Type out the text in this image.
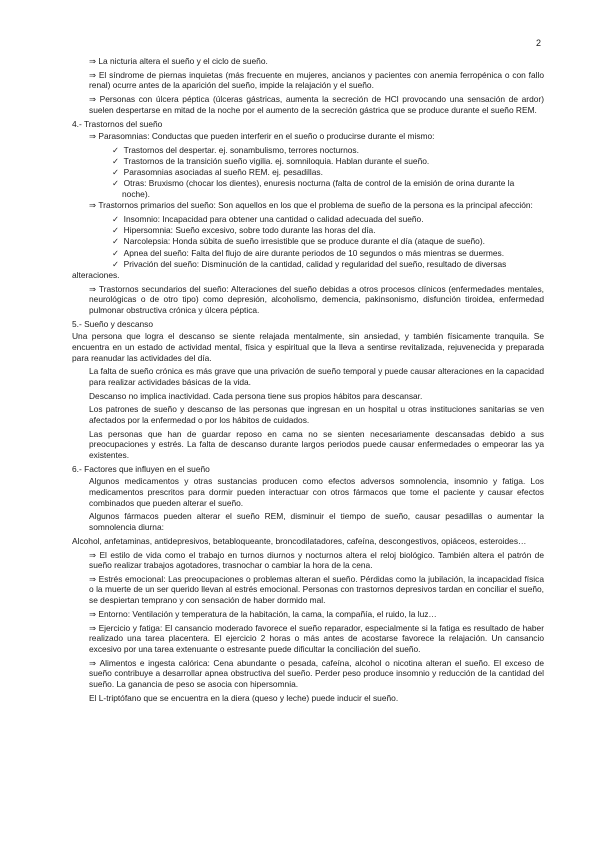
2

⇒ La nicturia altera el sueño y el ciclo de sueño.

⇒ El síndrome de piernas inquietas (más frecuente en mujeres, ancianos y pacientes con anemia ferropénica o con fallo renal) ocurre antes de la aparición del sueño, impide la relajación y el sueño.

⇒ Personas con úlcera péptica (úlceras gástricas, aumenta la secreción de HCl provocando una sensación de ardor) suelen despertarse en mitad de la noche por el aumento de la secreción gástrica que se produce durante el sueño REM.

4.- Trastornos del sueño

⇒ Parasomnias: Conductas que pueden interferir en el sueño o producirse durante el mismo:

✓  Trastornos del despertar. ej. sonambulismo, terrores nocturnos.

✓  Trastornos de la transición sueño vigilia. ej. somniloquia. Hablan durante el sueño.

✓  Parasomnias asociadas al sueño REM. ej. pesadillas.

✓  Otras: Bruxismo (chocar los dientes), enuresis nocturna (falta de control de la emisión de orina durante la noche).

⇒ Trastornos primarios del sueño: Son aquellos en los que el problema de sueño de la persona es la principal afección:

✓  Insomnio: Incapacidad para obtener una cantidad o calidad adecuada del sueño.

✓  Hipersomnia: Sueño excesivo, sobre todo durante las horas del día.

✓  Narcolepsia: Honda súbita de sueño irresistible que se produce durante el día (ataque de sueño).

✓  Apnea del sueño: Falta del flujo de aire durante periodos de 10 segundos o más mientras se duermes.

✓  Privación del sueño: Disminución de la cantidad, calidad y regularidad del sueño, resultado de diversas

alteraciones.

⇒ Trastornos secundarios del sueño: Alteraciones del sueño debidas a otros procesos clínicos (enfermedades mentales, neurológicas o de otro tipo) como depresión, alcoholismo, demencia, pakinsonismo, disfunción tiroidea, enfermedad pulmonar obstructiva crónica y úlcera péptica.

5.- Sueño y descanso

Una persona que logra el descanso se siente relajada mentalmente, sin ansiedad, y también físicamente tranquila. Se encuentra en un estado de actividad mental, física y espiritual que la lleva a sentirse revitalizada, rejuvenecida y preparada para reanudar las actividades del día.

La falta de sueño crónica es más grave que una privación de sueño temporal y puede causar alteraciones en la capacidad para realizar actividades básicas de la vida.

Descanso no implica inactividad. Cada persona tiene sus propios hábitos para descansar.

Los patrones de sueño y descanso de las personas que ingresan en un hospital u otras instituciones sanitarias se ven afectados por la enfermedad o por los hábitos de cuidados.

Las personas que han de guardar reposo en cama no se sienten necesariamente descansadas debido a sus preocupaciones y estrés. La falta de descanso durante largos periodos puede causar enfermedades o empeorar las ya existentes.

6.- Factores que influyen en el sueño

Algunos medicamentos y otras sustancias producen como efectos adversos somnolencia, insomnio y fatiga. Los medicamentos prescritos para dormir pueden interactuar con otros fármacos que tome el paciente y causar efectos combinados que pueden alterar el sueño.

Algunos fármacos pueden alterar el sueño REM, disminuir el tiempo de sueño, causar pesadillas o aumentar la somnolencia diurna:

Alcohol, anfetaminas, antidepresivos, betabloqueante, broncodilatadores, cafeína, descongestivos, opiáceos, esteroides…

⇒ El estilo de vida como el trabajo en turnos diurnos y nocturnos altera el reloj biológico. También altera el patrón de sueño realizar trabajos agotadores, trasnochar o cambiar la hora de la cena.

⇒ Estrés emocional: Las preocupaciones o problemas alteran el sueño. Pérdidas como la jubilación, la incapacidad física o la muerte de un ser querido llevan al estrés emocional. Personas con trastornos depresivos tardan en conciliar el sueño, se despiertan temprano y con sensación de haber dormido mal.

⇒ Entorno: Ventilación y temperatura de la habitación, la cama, la compañía, el ruido, la luz…

⇒ Ejercicio y fatiga: El cansancio moderado favorece el sueño reparador, especialmente si la fatiga es resultado de haber realizado una tarea placentera. El ejercicio 2 horas o más antes de acostarse favorece la relajación. Un cansancio excesivo por una tarea extenuante o estresante puede dificultar la conciliación del sueño.

⇒ Alimentos e ingesta calórica: Cena abundante o pesada, cafeína, alcohol o nicotina alteran el sueño. El exceso de sueño contribuye a desarrollar apnea obstructiva del sueño. Perder peso produce insomnio y reducción de la cantidad del sueño. La ganancia de peso se asocia con hipersomnia.

El L-triptófano que se encuentra en la diera (queso y leche) puede inducir el sueño.
